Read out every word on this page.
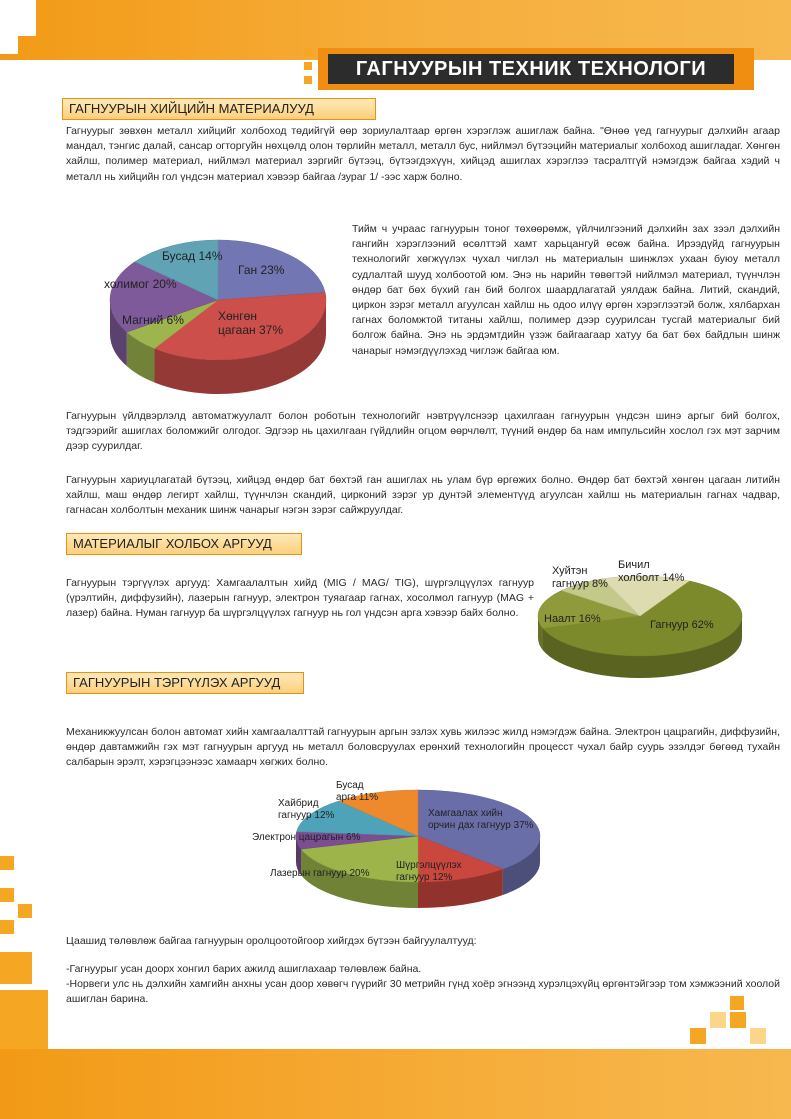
ГАГНУУРЫН ТЕХНИК ТЕХНОЛОГИ
ГАГНУУРЫН ХИЙЦИЙН МАТЕРИАЛУУД
Гагнуурыг зөвхөн металл хийцийг холбоход төдийгүй өөр зориулалтаар өргөн хэрэглэж ашиглаж байна. "Өнөө үед гагнуурыг дэлхийн агаар мандал, тэнгис далай, сансар огторгуйн нөхцөлд олон төрлийн металл, металл бус, нийлмэл бүтээцийн материалыг холбоход ашигладаг. Хөнгөн хайлш, полимер материал, нийлмэл материал зэргийг бүтээц, бүтээгдэхүүн, хийцэд ашиглах хэрэглээ тасралтгүй нэмэгдэж байгаа хэдий ч металл нь хийцийн гол үндсэн материал хэвээр байгаа /зураг 1/ -ээс харж болно.
Ган 23%
Хөнгөн
цагаан 37%
Магний 6%
холимог 20%
Бусад 14%
Тийм ч учраас гагнуурын тоног төхөөрөмж, үйлчилгээний дэлхийн зах зээл дэлхийн гангийн хэрэглээний өсөлттэй хамт харьцангуй өсөж байна. Ирээдүйд гагнуурын технологийг хөгжүүлэх чухал чиглэл нь материалын шинжлэх ухаан буюу металл судлалтай шууд холбоотой юм. Энэ нь нарийн төвөгтэй нийлмэл материал, түүнчлэн өндөр бат бөх бүхий ган бий болгох шаардлагатай уялдаж байна. Литий, скандий, циркон зэрэг металл агуулсан хайлш нь одоо илүү өргөн хэрэглээтэй болж, хялбархан гагнах боломжтой титаны хайлш, полимер дээр суурилсан тусгай материалыг бий болгож байна. Энэ нь эрдэмтдийн үзэж байгаагаар хатуу ба бат бөх байдлын шинж чанарыг нэмэгдүүлэхэд чиглэж байгаа юм.
Гагнуурын үйлдвэрлэлд автоматжуулалт болон роботын технологийг нэвтрүүлснээр цахилгаан гагнуурын үндсэн шинэ аргыг бий болгох, тэдгээрийг ашиглах боломжийг олгодог. Эдгээр нь цахилгаан гүйдлийн огцом өөрчлөлт, түүний өндөр ба нам импульсийн хослол гэх мэт зарчим дээр суурилдаг.
Гагнуурын хариуцлагатай бүтээц, хийцэд өндөр бат бөхтэй ган ашиглах нь улам бүр өргөжих болно. Өндөр бат бөхтэй хөнгөн цагаан литийн хайлш, маш өндөр легирт хайлш, түүнчлэн скандий, цирконий зэрэг ур дунтэй элементүүд агуулсан хайлш нь материалын гагнах чадвар, гагнасан холболтын механик шинж чанарыг нэгэн зэрэг сайжруулдаг.
МАТЕРИАЛЫГ ХОЛБОХ АРГУУД
Гагнуурын тэргүүлэх аргууд: Хамгаалалтын хийд (MIG / MAG/ TIG), шүргэлцүүлэх гагнуур (үрэлтийн, диффузийн), лазерын гагнуур, электрон туяагаар гагнах, хосолмол гагнуур (MAG + лазер) байна. Нуман гагнуур ба шүргэлцүүлэх гагнуур нь гол үндсэн арга хэвээр байх болно.
Гагнуур 62%
Наалт 16%
Хуйтэн
гагнуур 8%
Бичил
холболт 14%
ГАГНУУРЫН ТЭРГҮҮЛЭХ АРГУУД
Механикжуулсан болон автомат хийн хамгаалалттай гагнуурын аргын эзлэх хувь жилээс жилд нэмэгдэж байна. Электрон цацрагийн, диффузийн, өндөр давтамжийн гэх мэт гагнуурын аргууд нь металл боловсруулах ерөнхий технологийн процесст чухал байр суурь эзэлдэг бөгөөд тухайн салбарын эрэлт, хэрэгцээнээс хамаарч хөгжих болно.
Хамгаалах хийн
орчин дах гагнуур 37%
Шүргэлцүүлэх
гагнуур 12%
Лазерын гагнуур 20%
Электрон цацрагын 6%
Хайбрид
гагнуур 12%
Бусад
арга 11%
Цаашид төлөвлөж байгаа гагнуурын оролцоотойгоор хийгдэх бүтээн байгуулалтууд:
-Гагнуурыг усан доорх хонгил барих ажилд ашиглахаар төлөвлөж байна.
-Норвеги улс нь дэлхийн хамгийн анхны усан доор хөвөгч гүүрийг 30 метрийн гүнд хоёр эгнээнд хурэлцэхүйц өргөнтэйгээр том хэмжээний хоолой ашиглан барина.
